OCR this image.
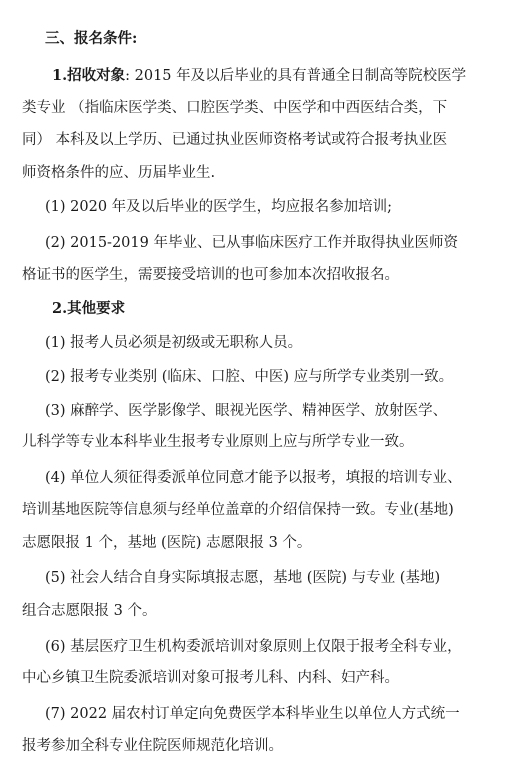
三、报名条件:
1.招收对象: 2015 年及以后毕业的具有普通全日制高等院校医学
类专业 （指临床医学类、口腔医学类、中医学和中西医结合类，下
同） 本科及以上学历、已通过执业医师资格考试或符合报考执业医
师资格条件的应、历届毕业生.
(1) 2020 年及以后毕业的医学生，均应报名参加培训;
(2) 2015-2019 年毕业、已从事临床医疗工作并取得执业医师资
格证书的医学生，需要接受培训的也可参加本次招收报名。
2.其他要求
(1) 报考人员必须是初级或无职称人员。
(2) 报考专业类别 (临床、口腔、中医) 应与所学专业类别一致。
(3) 麻醉学、医学影像学、眼视光医学、精神医学、放射医学、
儿科学等专业本科毕业生报考专业原则上应与所学专业一致。
(4) 单位人须征得委派单位同意才能予以报考，填报的培训专业、
培训基地医院等信息须与经单位盖章的介绍信保持一致。专业(基地)
志愿限报 1 个，基地 (医院) 志愿限报 3 个。
(5) 社会人结合自身实际填报志愿，基地 (医院) 与专业 (基地)
组合志愿限报 3 个。
(6) 基层医疗卫生机构委派培训对象原则上仅限于报考全科专业，
中心乡镇卫生院委派培训对象可报考儿科、内科、妇产科。
(7) 2022 届农村订单定向免费医学本科毕业生以单位人方式统一
报考参加全科专业住院医师规范化培训。
